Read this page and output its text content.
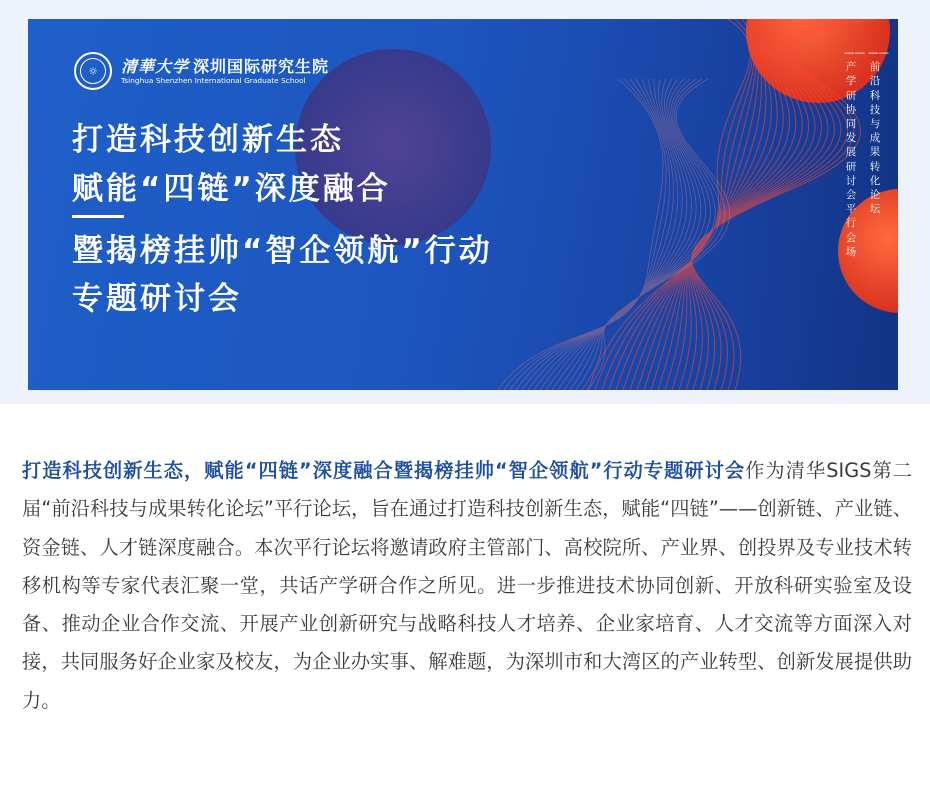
☼	清華大学 深圳国际研究生院
Tsinghua Shenzhen International Graduate School
打造科技创新生态
赋能“四链”深度融合
暨揭榜挂帅“智企领航”行动
专题研讨会
——前沿科技与成果转化论坛
——产学研协同发展研讨会平行会场
打造科技创新生态，赋能“四链”深度融合暨揭榜挂帅“智企领航”行动专题研讨会作为清华SIGS第二届“前沿科技与成果转化论坛”平行论坛，旨在通过打造科技创新生态，赋能“四链”——创新链、产业链、资金链、人才链深度融合。本次平行论坛将邀请政府主管部门、高校院所、产业界、创投界及专业技术转移机构等专家代表汇聚一堂，共话产学研合作之所见。进一步推进技术协同创新、开放科研实验室及设备、推动企业合作交流、开展产业创新研究与战略科技人才培养、企业家培育、人才交流等方面深入对接，共同服务好企业家及校友，为企业办实事、解难题，为深圳市和大湾区的产业转型、创新发展提供助力。
